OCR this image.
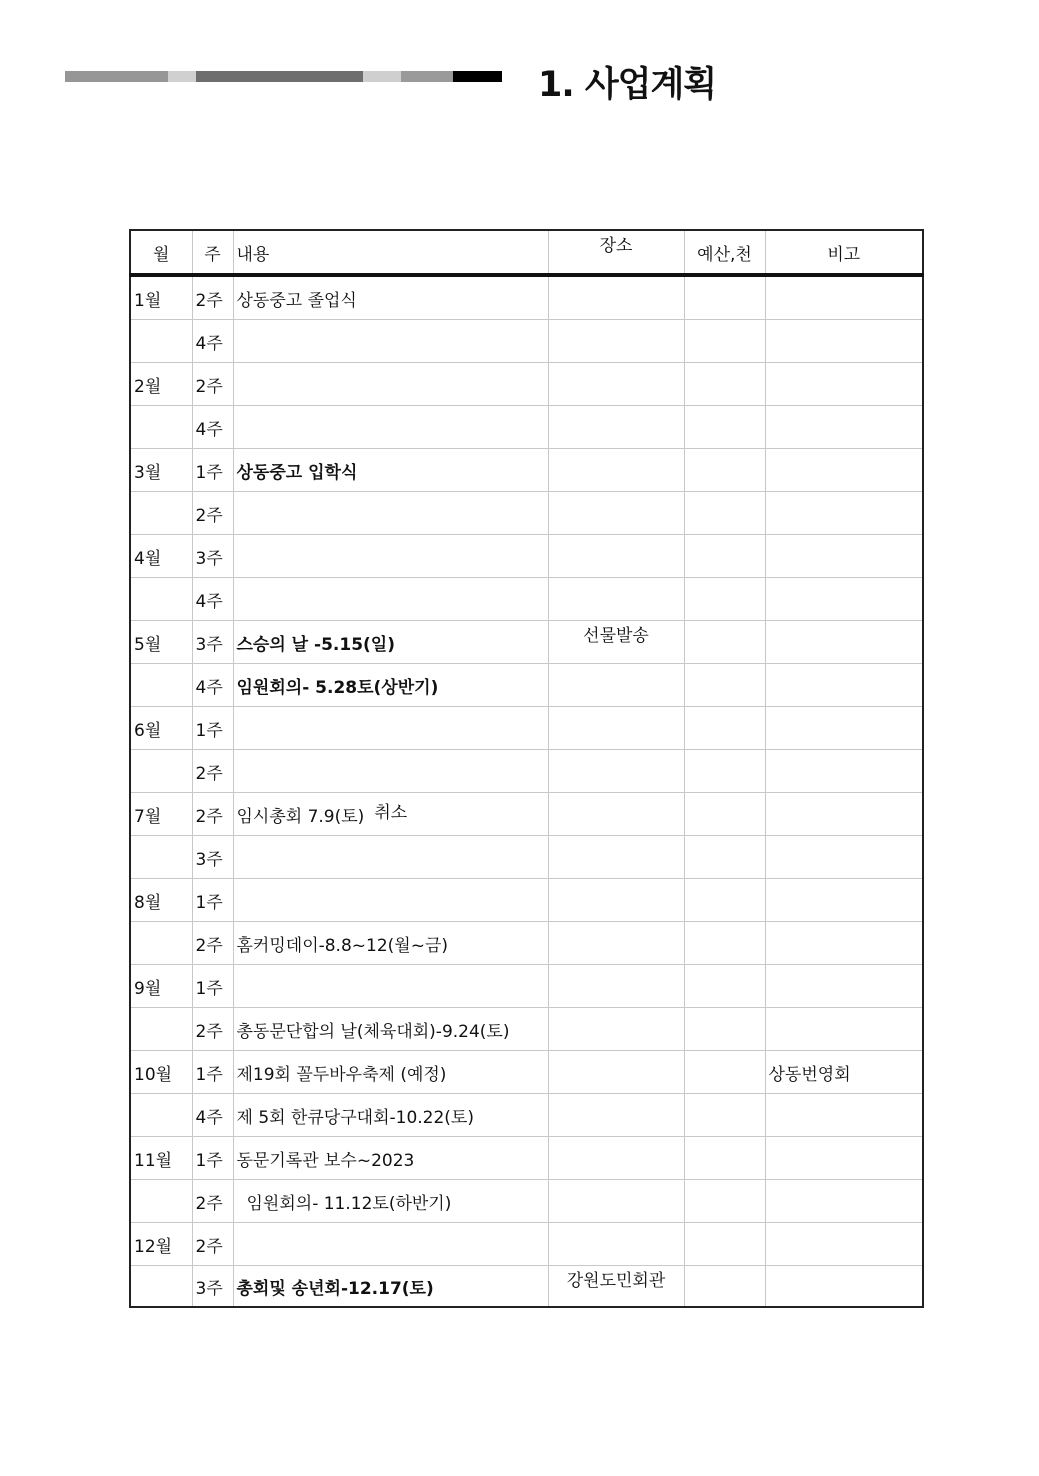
1. 사업계획
월	주	내용	장소	예산,천	비고
1월	2주	상동중고 졸업식			
	4주				
2월	2주				
	4주				
3월	1주	상동중고 입학식			
	2주				
4월	3주				
	4주				
5월	3주	스승의 날 -5.15(일)	선물발송		
	4주	임원회의- 5.28토(상반기)			
6월	1주				
	2주				
7월	2주	임시총회 7.9(토) 취소			
	3주				
8월	1주				
	2주	홈커밍데이-8.8~12(월~금)			
9월	1주				
	2주	총동문단합의 날(체육대회)-9.24(토)			
10월	1주	제19회 꼴두바우축제 (예정)			상동번영회
	4주	제 5회 한큐당구대회-10.22(토)			
11월	1주	동문기록관 보수~2023			
	2주	임원회의- 11.12토(하반기)			
12월	2주				
	3주	총회및 송년회-12.17(토)	강원도민회관		
